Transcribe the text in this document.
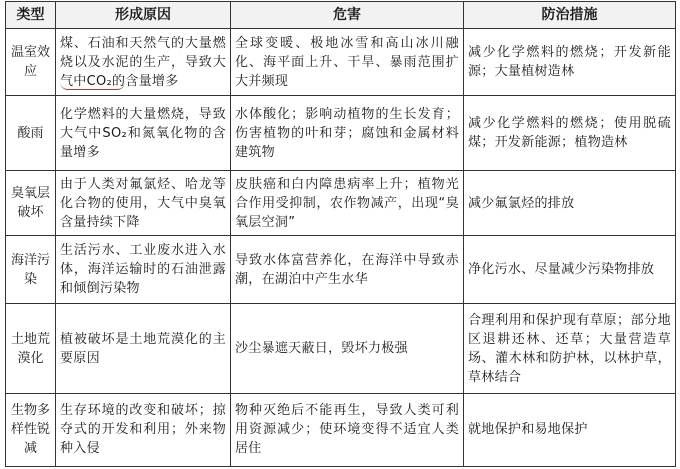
类型	形成原因	危害	防治措施
温室效应	煤、石油和天然气的大量燃烧以及水泥的生产，导致大气中CO₂的含量增多	全球变暖、极地冰雪和高山冰川融化、海平面上升、干旱、暴雨范围扩大并频现	减少化学燃料的燃烧；开发新能源；大量植树造林
酸雨	化学燃料的大量燃烧，导致大气中SO₂和氮氧化物的含量增多	水体酸化；影响动植物的生长发育；伤害植物的叶和芽；腐蚀和金属材料建筑物	减少化学燃料的燃烧；使用脱硫煤；开发新能源；植物造林
臭氧层破坏	由于人类对氟氯烃、哈龙等化合物的使用，大气中臭氧含量持续下降	皮肤癌和白内障患病率上升；植物光合作用受抑制，农作物减产，出现“臭氧层空洞”	减少氟氯烃的排放
海洋污染	生活污水、工业废水进入水体，海洋运输时的石油泄露和倾倒污染物	导致水体富营养化，在海洋中导致赤潮，在湖泊中产生水华	净化污水、尽量减少污染物排放
土地荒漠化	植被破坏是土地荒漠化的主要原因	沙尘暴遮天蔽日，毁坏力极强	合理利用和保护现有草原；部分地区退耕还林、还草；大量营造草场、灌木林和防护林，以林护草，草林结合
生物多样性锐减	生存环境的改变和破坏；掠夺式的开发和利用；外来物种入侵	物种灭绝后不能再生，导致人类可利用资源减少；使环境变得不适宜人类居住	就地保护和易地保护
